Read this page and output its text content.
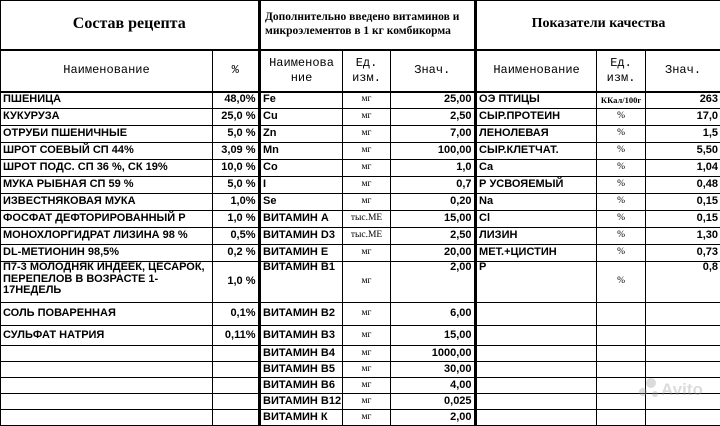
Состав рецепта			Дополнительно введено витаминов и микроэлементов в 1 кг комбикорма				Показатели качества		
Наименование	%		Наименова ние	Ед. изм.	Знач.		Наименование	Ед. изм.	Знач.
ПШЕНИЦА	48,0%		Fe	мг	25,00		ОЭ ПТИЦЫ	ККал/100г	263
КУКУРУЗА	25,0 %		Cu	мг	2,50		СЫР.ПРОТЕИН	%	17,0
ОТРУБИ ПШЕНИЧНЫЕ	5,0 %		Zn	мг	7,00		ЛЕНОЛЕВАЯ	%	1,5
ШРОТ СОЕВЫЙ СП 44%	3,09 %		Mn	мг	100,00		СЫР.КЛЕТЧАТ.	%	5,50
ШРОТ ПОДС. СП 36 %, СК 19%	10,0 %		Co	мг	1,0		Ca	%	1,04
МУКА РЫБНАЯ СП 59 %	5,0 %		I	мг	0,7		Р УСВОЯЕМЫЙ	%	0,48
ИЗВЕСТНЯКОВАЯ МУКА	1,0%		Se	мг	0,20		Na	%	0,15
ФОСФАТ ДЕФТОРИРОВАННЫЙ Р	1,0 %		ВИТАМИН А	тыс.МЕ	15,00		Cl	%	0,15
МОНОХЛОРГИДРАТ ЛИЗИНА 98 %	0,5%		ВИТАМИН D3	тыс.МЕ	2,50		ЛИЗИН	%	1,30
DL-МЕТИОНИН 98,5%	0,2 %		ВИТАМИН Е	мг	20,00		МЕТ.+ЦИСТИН	%	0,73
П7-3 МОЛОДНЯК ИНДЕЕК, ЦЕСАРОК, ПЕРЕПЕЛОВ В ВОЗРАСТЕ 1-17НЕДЕЛЬ	1,0 %		ВИТАМИН В1	мг	2,00		P	%	0,8
СОЛЬ ПОВАРЕННАЯ	0,1%		ВИТАМИН В2	мг	6,00				
СУЛЬФАТ НАТРИЯ	0,11%		ВИТАМИН В3	мг	15,00				
			ВИТАМИН В4	мг	1000,00				
			ВИТАМИН В5	мг	30,00				
			ВИТАМИН В6	мг	4,00				
			ВИТАМИН В12	мг	0,025				
			ВИТАМИН К	мг	2,00				
Avito
